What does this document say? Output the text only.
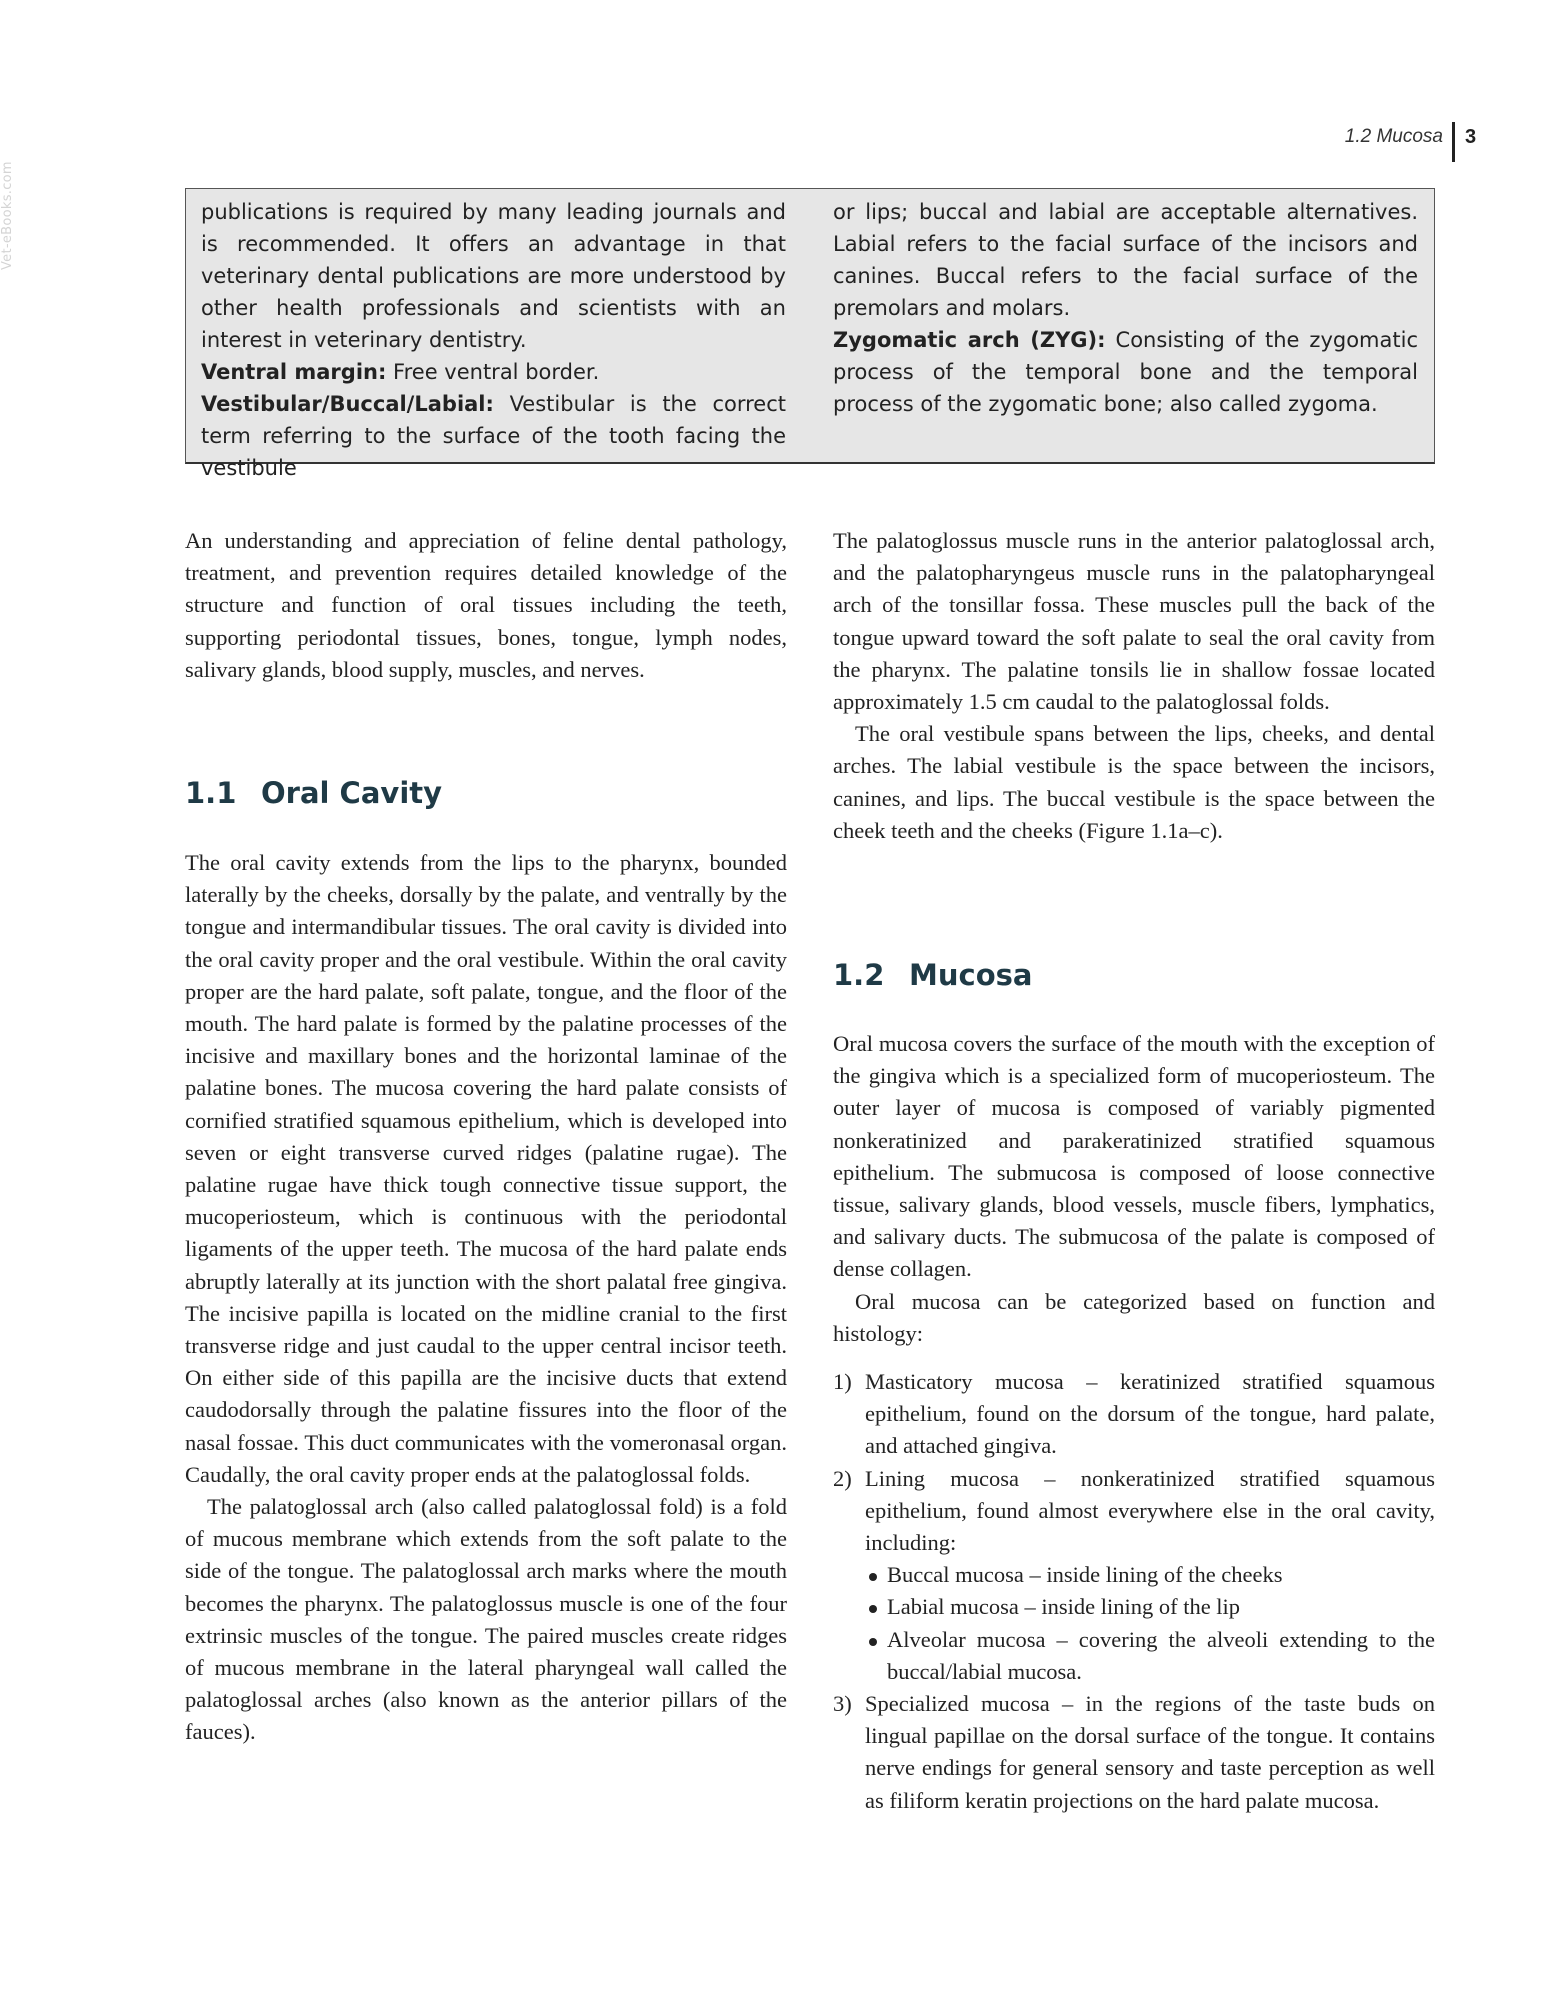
Vet-eBooks.com
1.2 Mucosa 3

publications is required by many leading journals and is recommended. It offers an advantage in that veterinary dental publications are more understood by other health professionals and scientists with an interest in veterinary dentistry.

Ventral margin: Free ventral border.

Vestibular/Buccal/Labial: Vestibular is the correct term referring to the surface of the tooth facing the vestibule

or lips; buccal and labial are acceptable alternatives. Labial refers to the facial surface of the incisors and canines. Buccal refers to the facial surface of the premolars and molars.

Zygomatic arch (ZYG): Consisting of the zygomatic process of the temporal bone and the temporal process of the zygomatic bone; also called zygoma.

An understanding and appreciation of feline dental pathology, treatment, and prevention requires detailed knowledge of the structure and function of oral tissues including the teeth, supporting periodontal tissues, bones, tongue, lymph nodes, salivary glands, blood supply, muscles, and nerves.

1.1 Oral Cavity

The oral cavity extends from the lips to the pharynx, bounded laterally by the cheeks, dorsally by the palate, and ventrally by the tongue and intermandibular tissues. The oral cavity is divided into the oral cavity proper and the oral vestibule. Within the oral cavity proper are the hard palate, soft palate, tongue, and the floor of the mouth. The hard palate is formed by the palatine processes of the incisive and maxillary bones and the horizontal laminae of the palatine bones. The mucosa covering the hard palate consists of cornified stratified squamous epithelium, which is developed into seven or eight transverse curved ridges (palatine rugae). The palatine rugae have thick tough connective tissue support, the mucoperiosteum, which is continuous with the periodontal ligaments of the upper teeth. The mucosa of the hard palate ends abruptly laterally at its junction with the short palatal free gingiva. The incisive papilla is located on the midline cranial to the first transverse ridge and just caudal to the upper central incisor teeth. On either side of this papilla are the incisive ducts that extend caudodorsally through the palatine fissures into the floor of the nasal fossae. This duct communicates with the vomeronasal organ. Caudally, the oral cavity proper ends at the palatoglossal folds.

The palatoglossal arch (also called palatoglossal fold) is a fold of mucous membrane which extends from the soft palate to the side of the tongue. The palatoglossal arch marks where the mouth becomes the pharynx. The palatoglossus muscle is one of the four extrinsic muscles of the tongue. The paired muscles create ridges of mucous membrane in the lateral pharyngeal wall called the palatoglossal arches (also known as the anterior pillars of the fauces).

The palatoglossus muscle runs in the anterior palatoglossal arch, and the palatopharyngeus muscle runs in the palatopharyngeal arch of the tonsillar fossa. These muscles pull the back of the tongue upward toward the soft palate to seal the oral cavity from the pharynx. The palatine tonsils lie in shallow fossae located approximately 1.5 cm caudal to the palatoglossal folds.

The oral vestibule spans between the lips, cheeks, and dental arches. The labial vestibule is the space between the incisors, canines, and lips. The buccal vestibule is the space between the cheek teeth and the cheeks (Figure 1.1a–c).

1.2 Mucosa

Oral mucosa covers the surface of the mouth with the exception of the gingiva which is a specialized form of mucoperiosteum. The outer layer of mucosa is composed of variably pigmented nonkeratinized and parakeratinized stratified squamous epithelium. The submucosa is composed of loose connective tissue, salivary glands, blood vessels, muscle fibers, lymphatics, and salivary ducts. The submucosa of the palate is composed of dense collagen.

Oral mucosa can be categorized based on function and histology:

1) Masticatory mucosa – keratinized stratified squamous epithelium, found on the dorsum of the tongue, hard palate, and attached gingiva.
2) Lining mucosa – nonkeratinized stratified squamous epithelium, found almost everywhere else in the oral cavity, including:
Buccal mucosa – inside lining of the cheeks
Labial mucosa – inside lining of the lip
Alveolar mucosa – covering the alveoli extending to the buccal/labial mucosa.
3) Specialized mucosa – in the regions of the taste buds on lingual papillae on the dorsal surface of the tongue. It contains nerve endings for general sensory and taste perception as well as filiform keratin projections on the hard palate mucosa.
